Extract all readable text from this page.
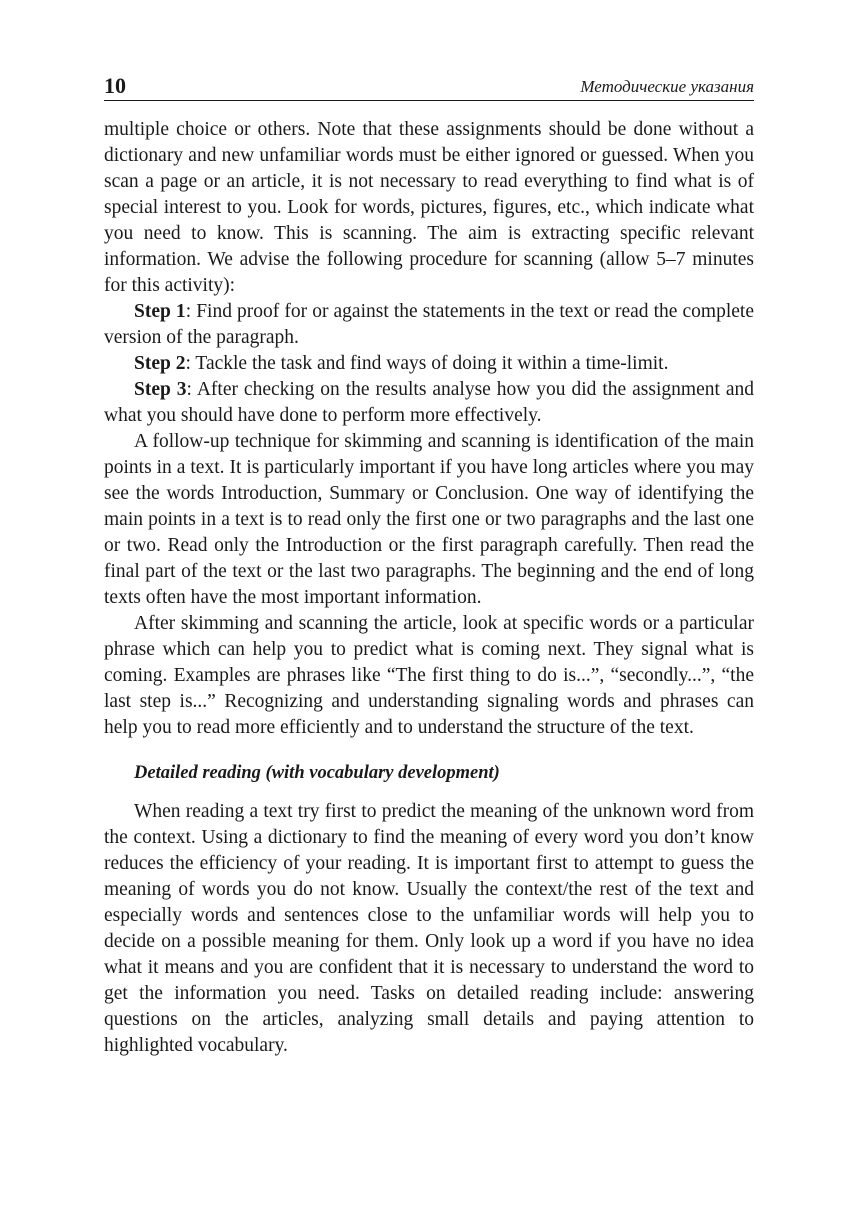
10	Методические указания

multiple choice or others. Note that these assignments should be done without a dictionary and new unfamiliar words must be either ignored or guessed. When you scan a page or an article, it is not necessary to read everything to find what is of special interest to you. Look for words, pictures, figures, etc., which indicate what you need to know. This is scanning. The aim is extracting specific relevant information. We advise the following procedure for scanning (allow 5–7 minutes for this activity):

Step 1: Find proof for or against the statements in the text or read the complete version of the paragraph.

Step 2: Tackle the task and find ways of doing it within a time-limit.

Step 3: After checking on the results analyse how you did the assignment and what you should have done to perform more effectively.

A follow-up technique for skimming and scanning is identification of the main points in a text. It is particularly important if you have long articles where you may see the words Introduction, Summary or Conclusion. One way of identifying the main points in a text is to read only the first one or two paragraphs and the last one or two. Read only the Introduction or the first paragraph carefully. Then read the final part of the text or the last two paragraphs. The beginning and the end of long texts often have the most important information.

After skimming and scanning the article, look at specific words or a particular phrase which can help you to predict what is coming next. They signal what is coming. Examples are phrases like “The first thing to do is...”, “secondly...”, “the last step is...” Recognizing and understanding signaling words and phrases can help you to read more efficiently and to understand the structure of the text.

Detailed reading (with vocabulary development)

When reading a text try first to predict the meaning of the unknown word from the context. Using a dictionary to find the meaning of every word you don’t know reduces the efficiency of your reading. It is important first to attempt to guess the meaning of words you do not know. Usually the context/the rest of the text and especially words and sentences close to the unfamiliar words will help you to decide on a possible meaning for them. Only look up a word if you have no idea what it means and you are confident that it is necessary to understand the word to get the information you need. Tasks on detailed reading include: answering questions on the articles, analyzing small details and paying attention to highlighted vocabulary.
